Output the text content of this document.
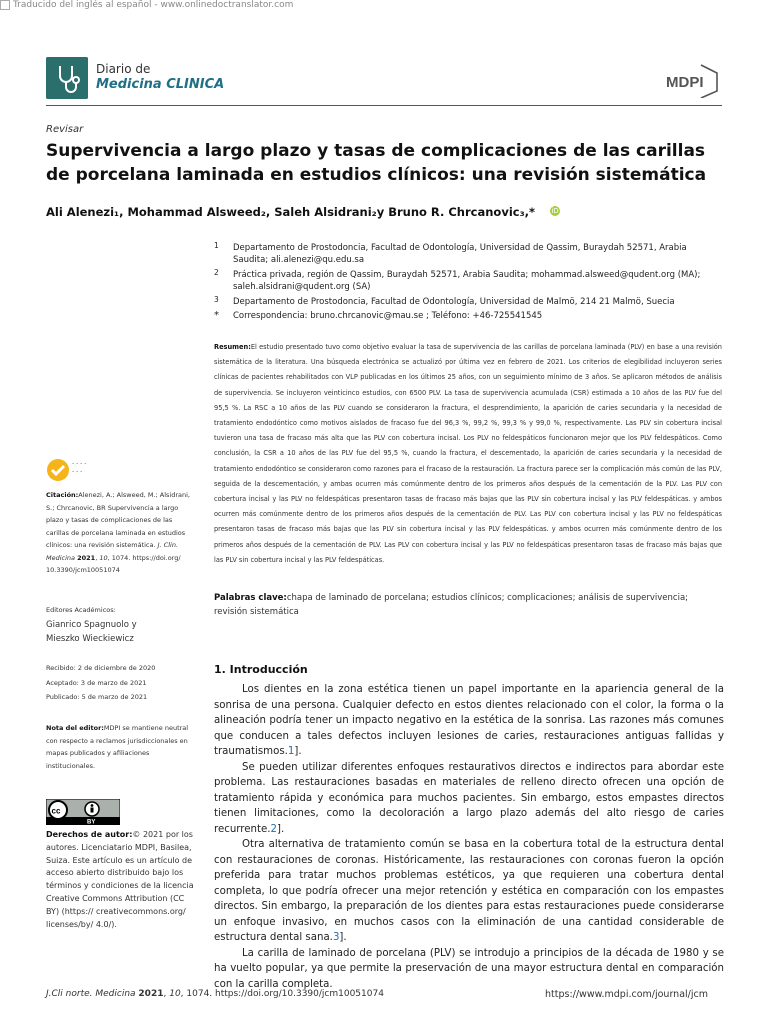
Traducido del inglés al español - www.onlinedoctranslator.com
Diario de
Medicina CLINICA	MDPI
Revisar
Supervivencia a largo plazo y tasas de complicaciones de las carillas de porcelana laminada en estudios clínicos: una revisión sistemática
Ali Alenezi₁, Mohammad Alsweed₂, Saleh Alsidrani₂y Bruno R. Chrcanovic₃,* iD
1 Departamento de Prostodoncia, Facultad de Odontología, Universidad de Qassim, Buraydah 52571, Arabia Saudita; ali.alenezi@qu.edu.sa
2 Práctica privada, región de Qassim, Buraydah 52571, Arabia Saudita; mohammad.alsweed@qudent.org (MA); saleh.alsidrani@qudent.org (SA)
3 Departamento de Prostodoncia, Facultad de Odontología, Universidad de Malmö, 214 21 Malmö, Suecia
* Correspondencia: bruno.chrcanovic@mau.se ; Teléfono: +46-725541545
Resumen:El estudio presentado tuvo como objetivo evaluar la tasa de supervivencia de las carillas de porcelana laminada (PLV) en base a una revisión sistemática de la literatura. Una búsqueda electrónica se actualizó por última vez en febrero de 2021. Los criterios de elegibilidad incluyeron series clínicas de pacientes rehabilitados con VLP publicadas en los últimos 25 años, con un seguimiento mínimo de 3 años. Se aplicaron métodos de análisis de supervivencia. Se incluyeron veinticinco estudios, con 6500 PLV. La tasa de supervivencia acumulada (CSR) estimada a 10 años de las PLV fue del 95,5 %. La RSC a 10 años de las PLV cuando se consideraron la fractura, el desprendimiento, la aparición de caries secundaria y la necesidad de tratamiento endodóntico como motivos aislados de fracaso fue del 96,3 %, 99,2 %, 99,3 % y 99,0 %, respectivamente. Las PLV sin cobertura incisal tuvieron una tasa de fracaso más alta que las PLV con cobertura incisal. Los PLV no feldespáticos funcionaron mejor que los PLV feldespáticos. Como conclusión, la CSR a 10 años de las PLV fue del 95,5 %, cuando la fractura, el descementado, la aparición de caries secundaria y la necesidad de tratamiento endodóntico se consideraron como razones para el fracaso de la restauración. La fractura parece ser la complicación más común de las PLV, seguida de la descementación, y ambas ocurren más comúnmente dentro de los primeros años después de la cementación de la PLV. Las PLV con cobertura incisal y las PLV no feldespáticas presentaron tasas de fracaso más bajas que las PLV sin cobertura incisal y las PLV feldespáticas. y ambos ocurren más comúnmente dentro de los primeros años después de la cementación de PLV. Las PLV con cobertura incisal y las PLV no feldespáticas presentaron tasas de fracaso más bajas que las PLV sin cobertura incisal y las PLV feldespáticas. y ambos ocurren más comúnmente dentro de los primeros años después de la cementación de PLV. Las PLV con cobertura incisal y las PLV no feldespáticas presentaron tasas de fracaso más bajas que las PLV sin cobertura incisal y las PLV feldespáticas.
Palabras clave:chapa de laminado de porcelana; estudios clínicos; complicaciones; análisis de supervivencia; revisión sistemática
- - - -
- - -
Citación:Alenezi, A.; Alsweed, M.; Alsidrani, S.; Chrcanovic, BR Supervivencia a largo plazo y tasas de complicaciones de las carillas de porcelana laminada en estudios clínicos: una revisión sistemática. J. Clin. Medicina 2021, 10, 1074. https://doi.org/ 10.3390/jcm10051074
Editores Académicos:
Gianrico Spagnuolo y Mieszko Wieckiewicz
Recibido: 2 de diciembre de 2020
Aceptado: 3 de marzo de 2021
Publicado: 5 de marzo de 2021
Nota del editor:MDPI se mantiene neutral con respecto a reclamos jurisdiccionales en mapas publicados y afiliaciones institucionales.
cc
BY
Derechos de autor:© 2021 por los autores. Licenciatario MDPI, Basilea, Suiza. Este artículo es un artículo de acceso abierto distribuido bajo los términos y condiciones de la licencia Creative Commons Attribution (CC BY) (https:// creativecommons.org/ licenses/by/ 4.0/).
1. Introducción

Los dientes en la zona estética tienen un papel importante en la apariencia general de la sonrisa de una persona. Cualquier defecto en estos dientes relacionado con el color, la forma o la alineación podría tener un impacto negativo en la estética de la sonrisa. Las razones más comunes que conducen a tales defectos incluyen lesiones de caries, restauraciones antiguas fallidas y traumatismos.1].

Se pueden utilizar diferentes enfoques restaurativos directos e indirectos para abordar este problema. Las restauraciones basadas en materiales de relleno directo ofrecen una opción de tratamiento rápida y económica para muchos pacientes. Sin embargo, estos empastes directos tienen limitaciones, como la decoloración a largo plazo además del alto riesgo de caries recurrente.2].

Otra alternativa de tratamiento común se basa en la cobertura total de la estructura dental con restauraciones de coronas. Históricamente, las restauraciones con coronas fueron la opción preferida para tratar muchos problemas estéticos, ya que requieren una cobertura dental completa, lo que podría ofrecer una mejor retención y estética en comparación con los empastes directos. Sin embargo, la preparación de los dientes para estas restauraciones puede considerarse un enfoque invasivo, en muchos casos con la eliminación de una cantidad considerable de estructura dental sana.3].

La carilla de laminado de porcelana (PLV) se introdujo a principios de la década de 1980 y se ha vuelto popular, ya que permite la preservación de una mayor estructura dental en comparación con la carilla completa.

J.Cli norte. Medicina 2021, 10, 1074. https://doi.org/10.3390/jcm10051074	https://www.mdpi.com/journal/jcm
